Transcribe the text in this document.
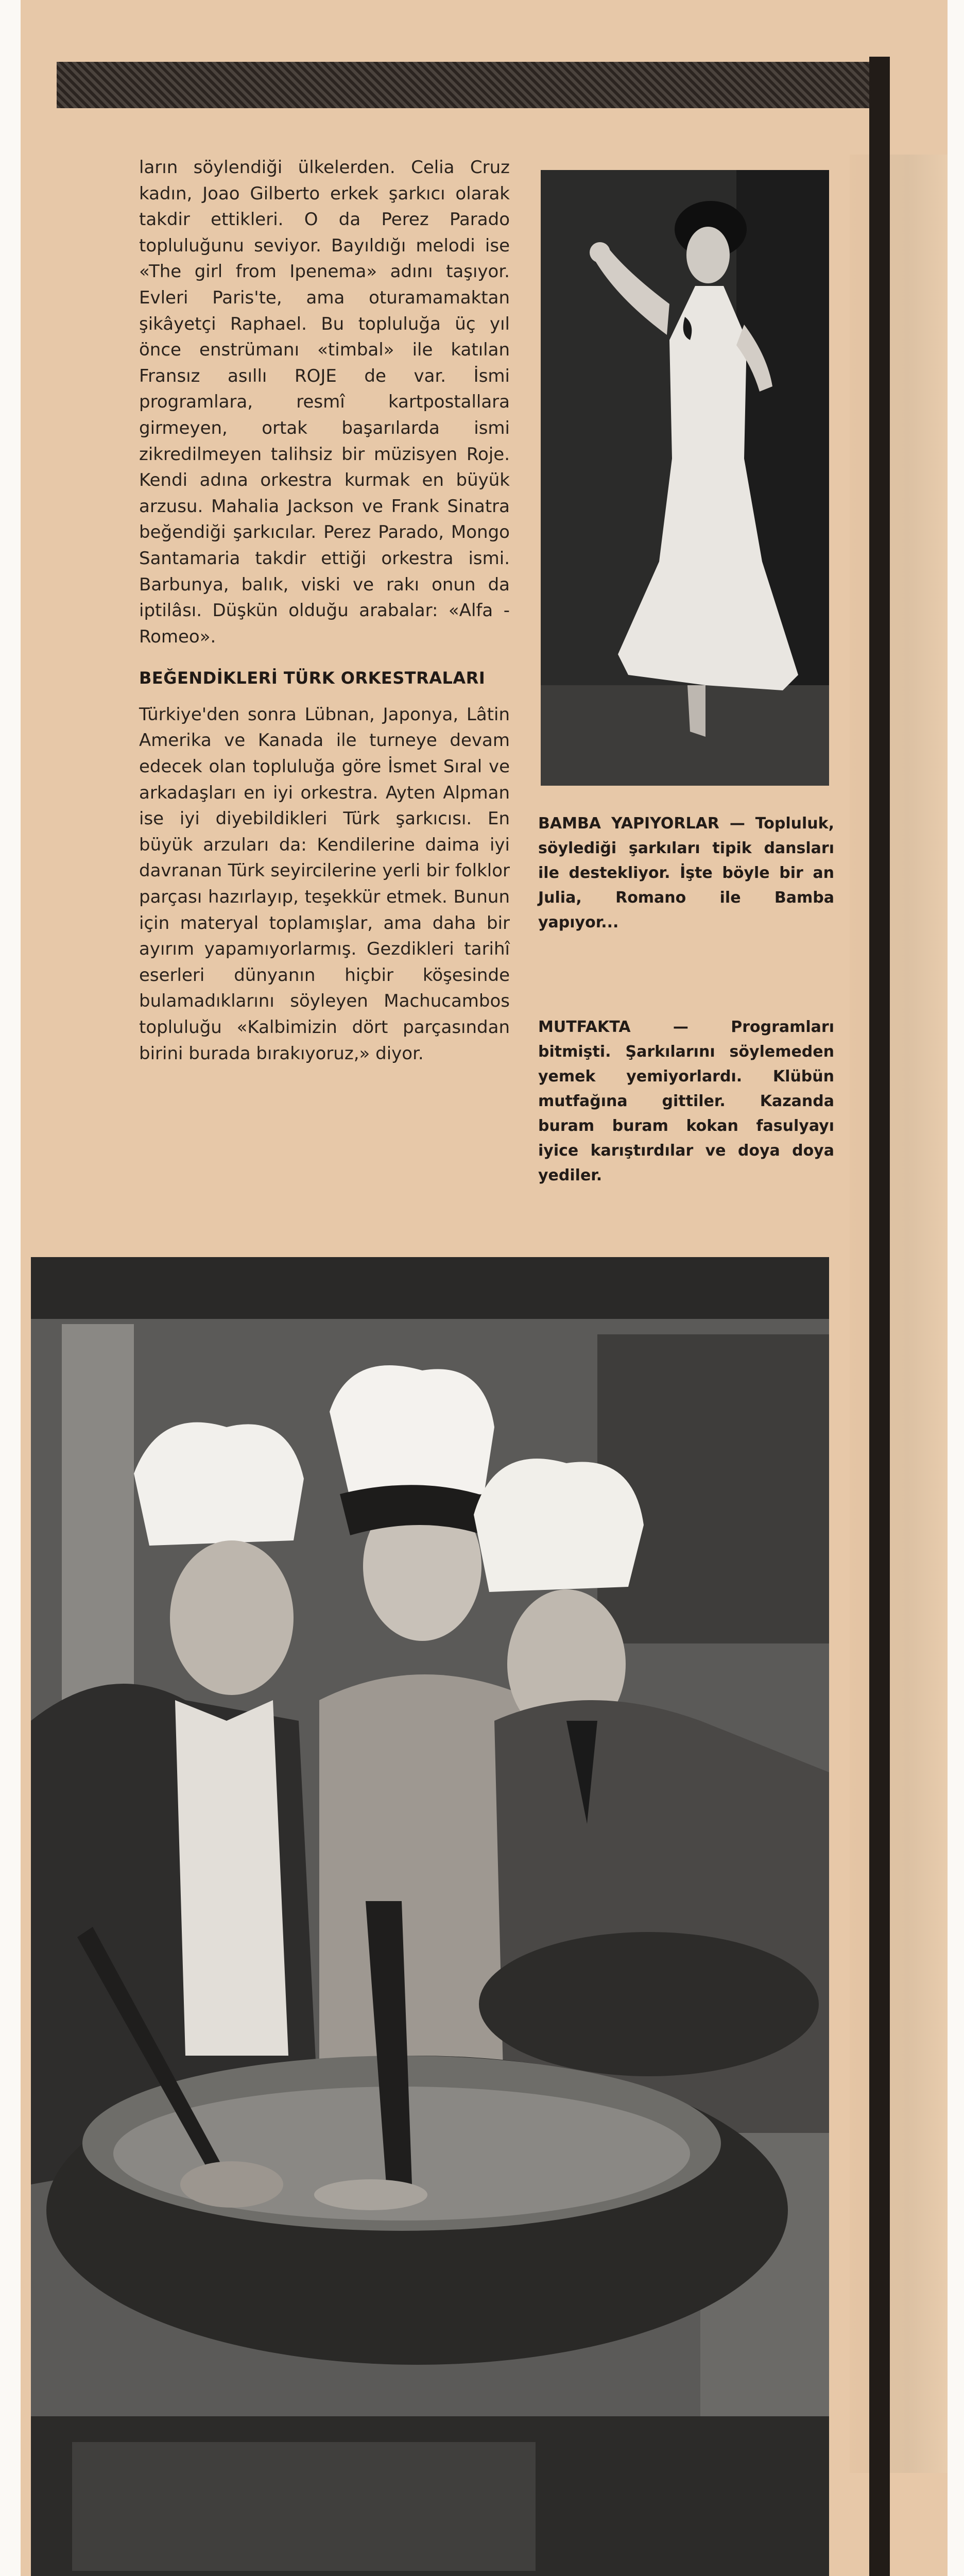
ların söylendiği ülkelerden. Celia Cruz kadın, Joao Gilberto erkek şarkıcı olarak takdir ettikleri. O da Perez Parado topluluğunu seviyor. Bayıldığı melodi ise «The girl from Ipenema» adını taşıyor. Evleri Paris'te, ama oturamamaktan şikâyetçi Raphael. Bu topluluğa üç yıl önce enstrümanı «timbal» ile katılan Fransız asıllı ROJE de var. İsmi programlara, resmî kartpostallara girmeyen, ortak başarılarda ismi zikredilmeyen talihsiz bir müzisyen Roje. Kendi adına orkestra kurmak en büyük arzusu. Mahalia Jackson ve Frank Sinatra beğendiği şarkıcılar. Perez Parado, Mongo Santamaria takdir ettiği orkestra ismi. Barbunya, balık, viski ve rakı onun da iptilâsı. Düşkün olduğu arabalar: «Alfa - Romeo».

BEĞENDİKLERİ TÜRK ORKESTRALARI

Türkiye'den sonra Lübnan, Japonya, Lâtin Amerika ve Kanada ile turneye devam edecek olan topluluğa göre İsmet Sıral ve arkadaşları en iyi orkestra. Ayten Alpman ise iyi diyebildikleri Türk şarkıcısı. En büyük arzuları da: Kendilerine daima iyi davranan Türk seyircilerine yerli bir folklor parçası hazırlayıp, teşekkür etmek. Bunun için materyal toplamışlar, ama daha bir ayırım yapamıyorlarmış. Gezdikleri tarihî eserleri dünyanın hiçbir köşesinde bulamadıklarını söyleyen Machucambos topluluğu «Kalbimizin dört parçasından birini burada bırakıyoruz,» diyor.

BAMBA YAPIYORLAR — Topluluk, söylediği şarkıları tipik dansları ile destekliyor. İşte böyle bir an Julia, Romano ile Bamba yapıyor...
MUTFAKTA —	Programları bitmişti. Şarkılarını söylemeden yemek yemiyorlardı. Klübün mutfağına gittiler. Kazanda buram buram kokan fasulyayı iyice karıştırdılar ve doya doya yediler.
